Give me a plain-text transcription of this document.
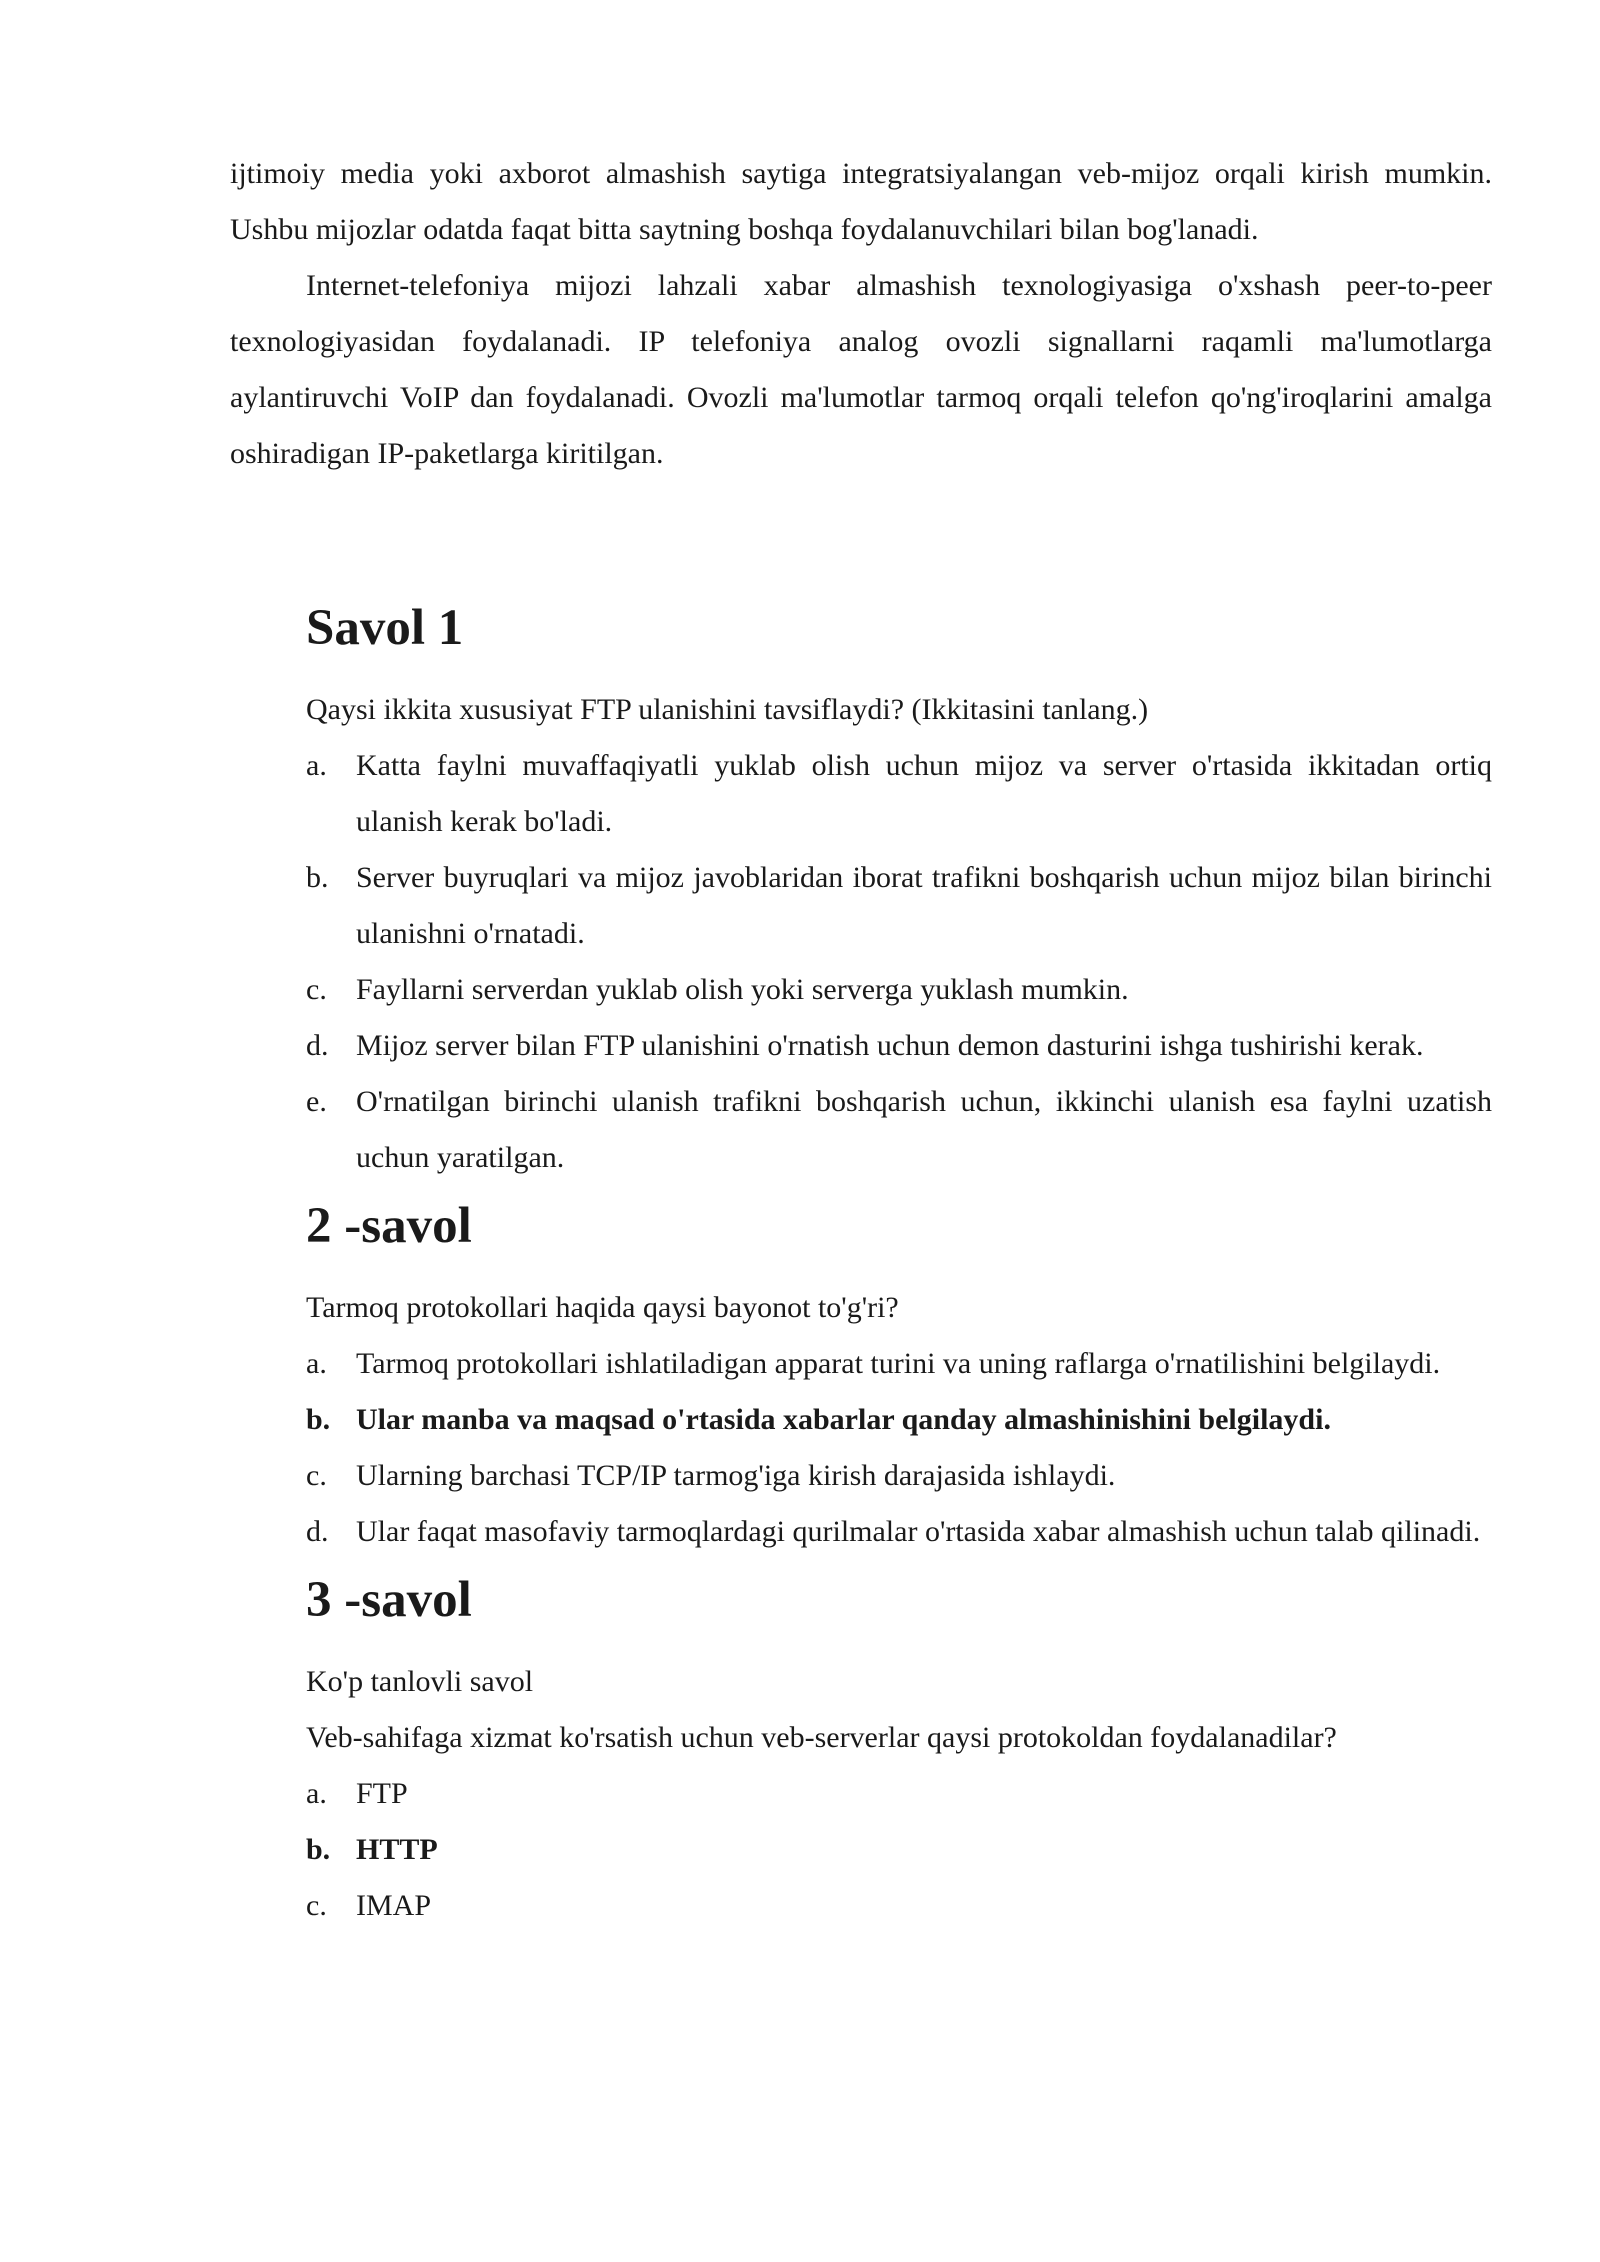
ijtimoiy media yoki axborot almashish saytiga integratsiyalangan veb-mijoz orqali kirish mumkin. Ushbu mijozlar odatda faqat bitta saytning boshqa foydalanuvchilari bilan bog'lanadi.

Internet-telefoniya mijozi lahzali xabar almashish texnologiyasiga o'xshash peer-to-peer texnologiyasidan foydalanadi. IP telefoniya analog ovozli signallarni raqamli ma'lumotlarga aylantiruvchi VoIP dan foydalanadi. Ovozli ma'lumotlar tarmoq orqali telefon qo'ng'iroqlarini amalga oshiradigan IP-paketlarga kiritilgan.

Savol 1

Qaysi ikkita xususiyat FTP ulanishini tavsiflaydi? (Ikkitasini tanlang.)

a. Katta faylni muvaffaqiyatli yuklab olish uchun mijoz va server o'rtasida ikkitadan ortiq ulanish kerak bo'ladi.
b. Server buyruqlari va mijoz javoblaridan iborat trafikni boshqarish uchun mijoz bilan birinchi ulanishni o'rnatadi.
c. Fayllarni serverdan yuklab olish yoki serverga yuklash mumkin.
d. Mijoz server bilan FTP ulanishini o'rnatish uchun demon dasturini ishga tushirishi kerak.
e. O'rnatilgan birinchi ulanish trafikni boshqarish uchun, ikkinchi ulanish esa faylni uzatish uchun yaratilgan.
2 -savol

Tarmoq protokollari haqida qaysi bayonot to'g'ri?

a. Tarmoq protokollari ishlatiladigan apparat turini va uning raflarga o'rnatilishini belgilaydi.
b. Ular manba va maqsad o'rtasida xabarlar qanday almashinishini belgilaydi.
c. Ularning barchasi TCP/IP tarmog'iga kirish darajasida ishlaydi.
d. Ular faqat masofaviy tarmoqlardagi qurilmalar o'rtasida xabar almashish uchun talab qilinadi.
3 -savol

Ko'p tanlovli savol

Veb-sahifaga xizmat ko'rsatish uchun veb-serverlar qaysi protokoldan foydalanadilar?

a. FTP
b. HTTP
c. IMAP
